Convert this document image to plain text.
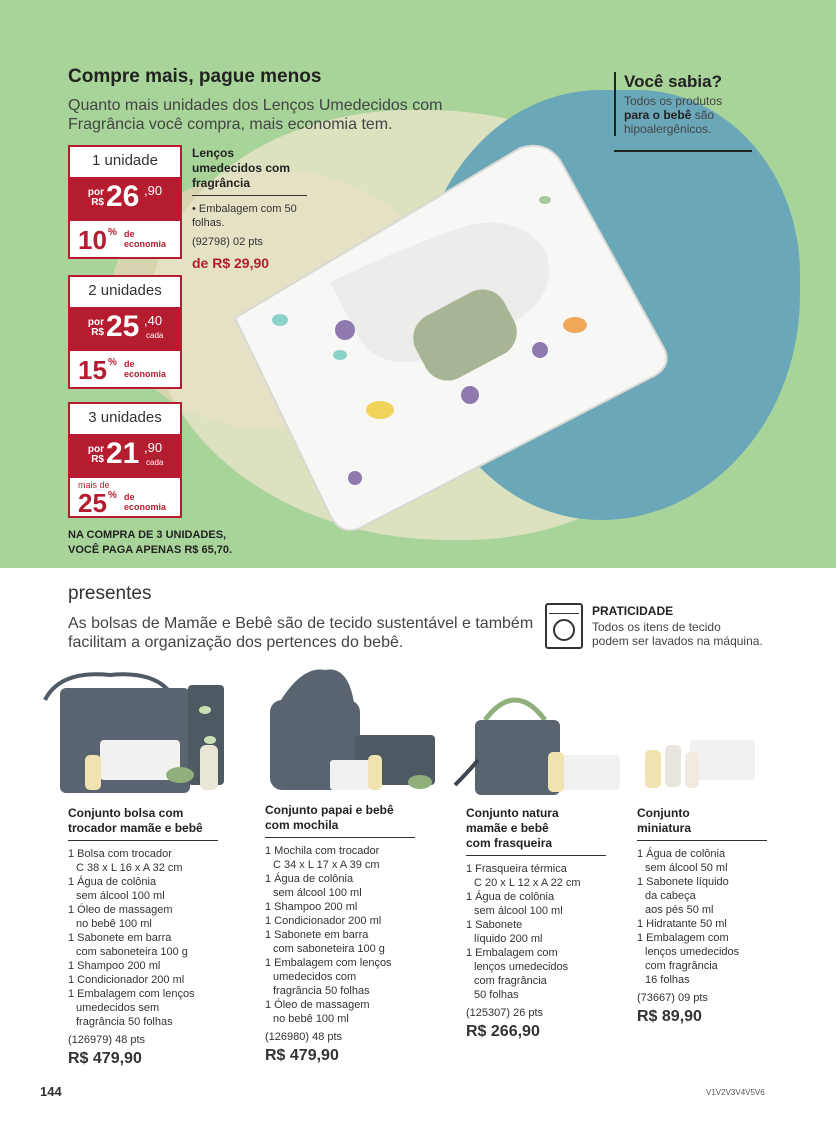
Compre mais, pague menos
Quanto mais unidades dos Lenços Umedecidos com Fragrância você compra, mais economia tem.
1 unidade
por
R$ 26 ,90
10 % de
economia
2 unidades
por
R$ 25 ,40
cada
15 % de
economia
3 unidades
por
R$ 21 ,90
cada
mais de
25 % de
economia
Lenços umedecidos com fragrância
• Embalagem com 50 folhas.
(92798) 02 pts
de R$ 29,90
NA COMPRA DE 3 UNIDADES,
VOCÊ PAGA APENAS R$ 65,70.
Você sabia?
Todos os produtos
para o bebê são
hipoalergênicos.
presentes
As bolsas de Mamãe e Bebê são de tecido sustentável e também facilitam a organização dos pertences do bebê.
PRATICIDADE
Todos os itens de tecido
podem ser lavados na máquina.
Conjunto bolsa com
trocador mamãe e bebê
1 Bolsa com trocador
C 38 x L 16 x A 32 cm
1 Água de colônia
sem álcool 100 ml
1 Óleo de massagem
no bebê 100 ml
1 Sabonete em barra
com saboneteira 100 g
1 Shampoo 200 ml
1 Condicionador 200 ml
1 Embalagem com lenços
umedecidos sem
fragrância 50 folhas
(126979) 48 pts
R$ 479,90
Conjunto papai e bebê
com mochila
1 Mochila com trocador
C 34 x L 17 x A 39 cm
1 Água de colônia
sem álcool 100 ml
1 Shampoo 200 ml
1 Condicionador 200 ml
1 Sabonete em barra
com saboneteira 100 g
1 Embalagem com lenços
umedecidos com
fragrância 50 folhas
1 Óleo de massagem
no bebê 100 ml
(126980) 48 pts
R$ 479,90
Conjunto natura
mamãe e bebê
com frasqueira
1 Frasqueira térmica
C 20 x L 12 x A 22 cm
1 Água de colônia
sem álcool 100 ml
1 Sabonete
líquido 200 ml
1 Embalagem com
lenços umedecidos
com fragrância
50 folhas
(125307) 26 pts
R$ 266,90
Conjunto
miniatura
1 Água de colônia
sem álcool 50 ml
1 Sabonete líquido
da cabeça
aos pés 50 ml
1 Hidratante 50 ml
1 Embalagem com
lenços umedecidos
com fragrância
16 folhas
(73667) 09 pts
R$ 89,90
144	V1V2V3V4V5V6
